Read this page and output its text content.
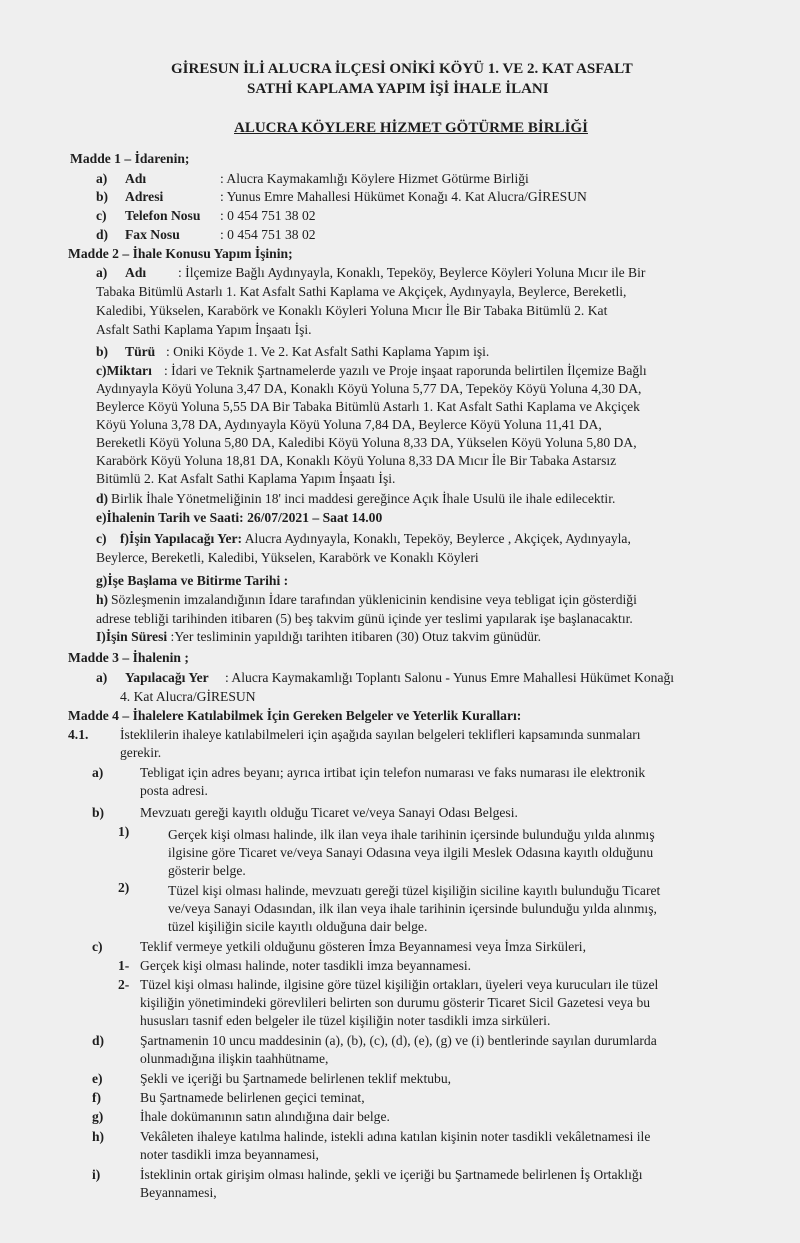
GİRESUN İLİ ALUCRA İLÇESİ ONİKİ KÖYÜ 1. VE 2. KAT ASFALT
SATHİ KAPLAMA YAPIM İŞİ İHALE İLANI
ALUCRA KÖYLERE HİZMET GÖTÜRME BİRLİĞİ
Madde 1 – İdarenin;
a) Adı	: Alucra Kaymakamlığı Köylere Hizmet Götürme Birliği
b) Adresi	: Yunus Emre Mahallesi Hükümet Konağı 4. Kat Alucra/GİRESUN
c) Telefon Nosu : 0 454 751 38 02
d) Fax Nosu	: 0 454 751 38 02
Madde 2 – İhale Konusu Yapım İşinin;
a) Adı : İlçemize Bağlı Aydınyayla, Konaklı, Tepeköy, Beylerce Köyleri Yoluna Mıcır ile Bir
Tabaka Bitümlü Astarlı 1. Kat Asfalt Sathi Kaplama ve Akçiçek, Aydınyayla, Beylerce, Bereketli,
Kaledibi, Yükselen, Karabörk ve Konaklı Köyleri Yoluna Mıcır İle Bir Tabaka Bitümlü 2. Kat
Asfalt Sathi Kaplama Yapım İnşaatı İşi.
b) Türü : Oniki Köyde 1. Ve 2. Kat Asfalt Sathi Kaplama Yapım işi.
c)Miktarı : İdari ve Teknik Şartnamelerde yazılı ve Proje inşaat raporunda belirtilen İlçemize Bağlı
Aydınyayla Köyü Yoluna 3,47 DA, Konaklı Köyü Yoluna 5,77 DA, Tepeköy Köyü Yoluna 4,30 DA,
Beylerce Köyü Yoluna 5,55 DA Bir Tabaka Bitümlü Astarlı 1. Kat Asfalt Sathi Kaplama ve Akçiçek
Köyü Yoluna 3,78 DA, Aydınyayla Köyü Yoluna 7,84 DA, Beylerce Köyü Yoluna 11,41 DA,
Bereketli Köyü Yoluna 5,80 DA, Kaledibi Köyü Yoluna 8,33 DA, Yükselen Köyü Yoluna 5,80 DA,
Karabörk Köyü Yoluna 18,81 DA, Konaklı Köyü Yoluna 8,33 DA Mıcır İle Bir Tabaka Astarsız
Bitümlü 2. Kat Asfalt Sathi Kaplama Yapım İnşaatı İşi.
d) Birlik İhale Yönetmeliğinin 18' inci maddesi gereğince Açık İhale Usulü ile ihale edilecektir.
e)İhalenin Tarih ve Saati: 26/07/2021 – Saat 14.00
c) f)İşin Yapılacağı Yer: Alucra Aydınyayla, Konaklı, Tepeköy, Beylerce , Akçiçek, Aydınyayla,
Beylerce, Bereketli, Kaledibi, Yükselen, Karabörk ve Konaklı Köyleri
g)İşe Başlama ve Bitirme Tarihi :
h) Sözleşmenin imzalandığının İdare tarafından yüklenicinin kendisine veya tebligat için gösterdiği
adrese tebliği tarihinden itibaren (5) beş takvim günü içinde yer teslimi yapılarak işe başlanacaktır.
I)İşin Süresi :Yer tesliminin yapıldığı tarihten itibaren (30) Otuz takvim günüdür.
Madde 3 – İhalenin ;
a) Yapılacağı Yer : Alucra Kaymakamlığı Toplantı Salonu - Yunus Emre Mahallesi Hükümet Konağı
4. Kat Alucra/GİRESUN
Madde 4 – İhalelere Katılabilmek İçin Gereken Belgeler ve Yeterlik Kuralları:
4.1. İsteklilerin ihaleye katılabilmeleri için aşağıda sayılan belgeleri teklifleri kapsamında sunmaları
gerekir.
a)	Tebligat için adres beyanı; ayrıca irtibat için telefon numarası ve faks numarası ile elektronik
posta adresi.
b)	Mevzuatı gereği kayıtlı olduğu Ticaret ve/veya Sanayi Odası Belgesi.
1)	Gerçek kişi olması halinde, ilk ilan veya ihale tarihinin içersinde bulunduğu yılda alınmış
ilgisine göre Ticaret ve/veya Sanayi Odasına veya ilgili Meslek Odasına kayıtlı olduğunu
gösterir belge.
2)	Tüzel kişi olması halinde, mevzuatı gereği tüzel kişiliğin siciline kayıtlı bulunduğu Ticaret
ve/veya Sanayi Odasından, ilk ilan veya ihale tarihinin içersinde bulunduğu yılda alınmış,
tüzel kişiliğin sicile kayıtlı olduğuna dair belge.
c)	Teklif vermeye yetkili olduğunu gösteren İmza Beyannamesi veya İmza Sirküleri,
1- Gerçek kişi olması halinde, noter tasdikli imza beyannamesi.
2- Tüzel kişi olması halinde, ilgisine göre tüzel kişiliğin ortakları, üyeleri veya kurucuları ile tüzel
kişiliğin yönetimindeki görevlileri belirten son durumu gösterir Ticaret Sicil Gazetesi veya bu
hususları tasnif eden belgeler ile tüzel kişiliğin noter tasdikli imza sirküleri.
d)	Şartnamenin 10 uncu maddesinin (a), (b), (c), (d), (e), (g) ve (i) bentlerinde sayılan durumlarda
olunmadığına ilişkin taahhütname,
e)	Şekli ve içeriği bu Şartnamede belirlenen teklif mektubu,
f)	Bu Şartnamede belirlenen geçici teminat,
g)	İhale dokümanının satın alındığına dair belge.
h)	Vekâleten ihaleye katılma halinde, istekli adına katılan kişinin noter tasdikli vekâletnamesi ile
noter tasdikli imza beyannamesi,
i)	İsteklinin ortak girişim olması halinde, şekli ve içeriği bu Şartnamede belirlenen İş Ortaklığı
Beyannamesi,
